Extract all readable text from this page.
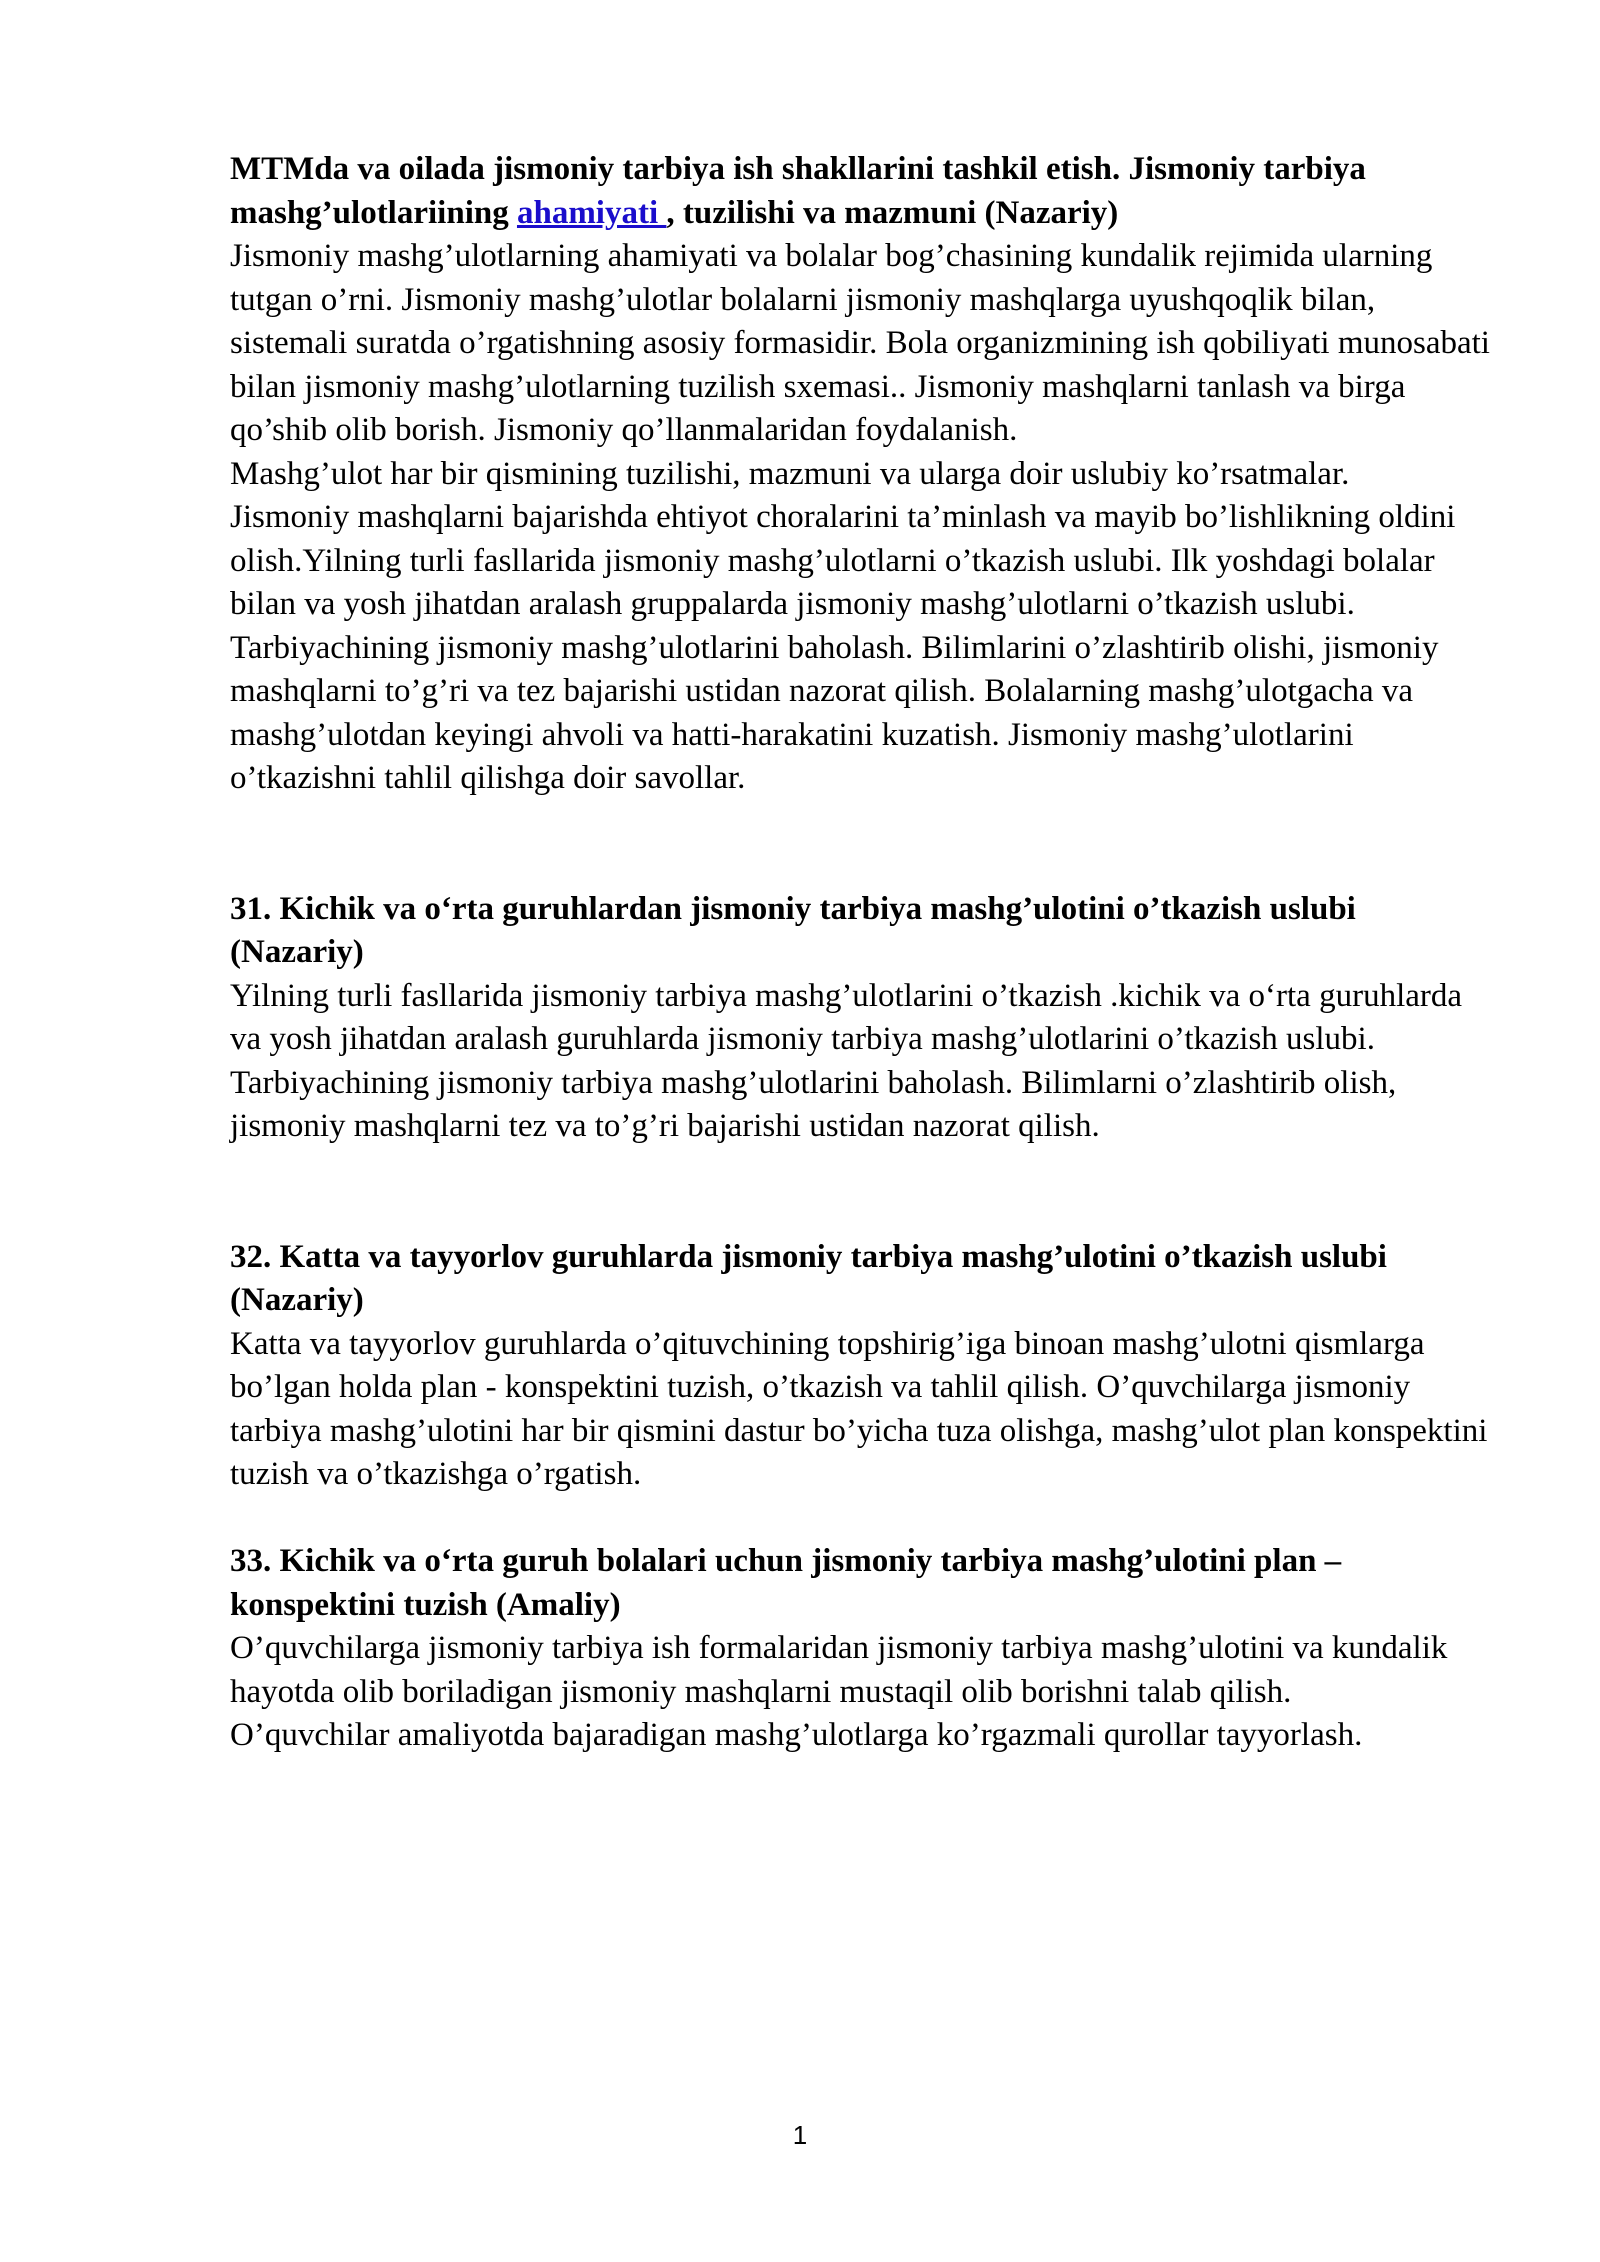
MTMda va oilada jismoniy tarbiya ish shakllarini tashkil etish. Jismoniy tarbiya mashg’ulotlariining ahamiyati , tuzilishi va mazmuni (Nazariy)

Jismoniy mashg’ulotlarning ahamiyati va bolalar bog’chasining kundalik rejimida ularning tutgan o’rni. Jismoniy mashg’ulotlar bolalarni jismoniy mashqlarga uyushqoqlik bilan, sistemali suratda o’rgatishning asosiy formasidir. Bola organizmining ish qobiliyati munosabati bilan jismoniy mashg’ulotlarning tuzilish sxemasi.. Jismoniy mashqlarni tanlash va birga qo’shib olib borish. Jismoniy qo’llanmalaridan foydalanish.

Mashg’ulot har bir qismining tuzilishi, mazmuni va ularga doir uslubiy ko’rsatmalar.

Jismoniy mashqlarni bajarishda ehtiyot choralarini ta’minlash va mayib bo’lishlikning oldini olish.Yilning turli fasllarida jismoniy mashg’ulotlarni o’tkazish uslubi. Ilk yoshdagi bolalar bilan va yosh jihatdan aralash gruppalarda jismoniy mashg’ulotlarni o’tkazish uslubi. Tarbiyachining jismoniy mashg’ulotlarini baholash. Bilimlarini o’zlashtirib olishi, jismoniy mashqlarni to’g’ri va tez bajarishi ustidan nazorat qilish. Bolalarning mashg’ulotgacha va mashg’ulotdan keyingi ahvoli va hatti-harakatini kuzatish. Jismoniy mashg’ulotlarini o’tkazishni tahlil qilishga doir savollar.

31. Kichik va o‘rta guruhlardan jismoniy tarbiya mashg’ulotini o’tkazish uslubi (Nazariy)

Yilning turli fasllarida jismoniy tarbiya mashg’ulotlarini o’tkazish .kichik va o‘rta guruhlarda va yosh jihatdan aralash guruhlarda jismoniy tarbiya mashg’ulotlarini o’tkazish uslubi. Tarbiyachining jismoniy tarbiya mashg’ulotlarini baholash. Bilimlarni o’zlashtirib olish, jismoniy mashqlarni tez va to’g’ri bajarishi ustidan nazorat qilish.

32. Katta va tayyorlov guruhlarda jismoniy tarbiya mashg’ulotini o’tkazish uslubi (Nazariy)

Katta va tayyorlov guruhlarda o’qituvchining topshirig’iga binoan mashg’ulotni qismlarga bo’lgan holda plan - konspektini tuzish, o’tkazish va tahlil qilish. O’quvchilarga jismoniy tarbiya mashg’ulotini har bir qismini dastur bo’yicha tuza olishga, mashg’ulot plan konspektini tuzish va o’tkazishga o’rgatish.

33. Kichik va o‘rta guruh bolalari uchun jismoniy tarbiya mashg’ulotini plan – konspektini tuzish (Amaliy)

O’quvchilarga jismoniy tarbiya ish formalaridan jismoniy tarbiya mashg’ulotini va kundalik hayotda olib boriladigan jismoniy mashqlarni mustaqil olib borishni talab qilish.

O’quvchilar amaliyotda bajaradigan mashg’ulotlarga ko’rgazmali qurollar tayyorlash.

1
